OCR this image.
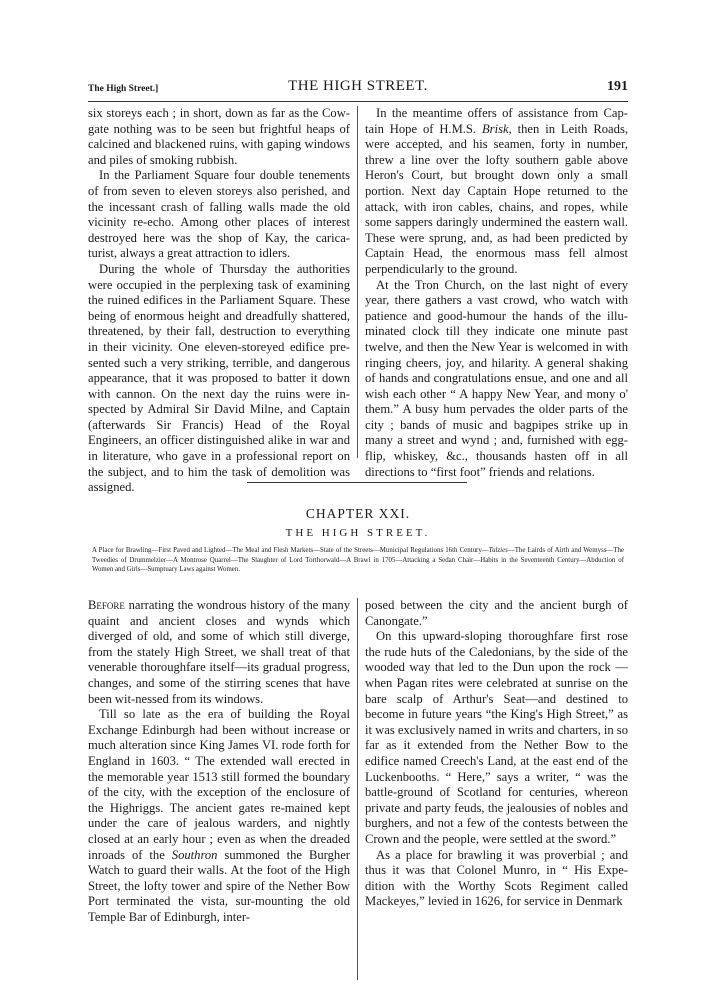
The High Street.]	THE HIGH STREET.	191

six storeys each ; in short, down as far as the Cow-gate nothing was to be seen but frightful heaps of calcined and blackened ruins, with gaping windows and piles of smoking rubbish.

In the Parliament Square four double tenements of from seven to eleven storeys also perished, and the incessant crash of falling walls made the old vicinity re-echo. Among other places of interest destroyed here was the shop of Kay, the carica-turist, always a great attraction to idlers.

During the whole of Thursday the authorities were occupied in the perplexing task of examining the ruined edifices in the Parliament Square. These being of enormous height and dreadfully shattered, threatened, by their fall, destruction to everything in their vicinity. One eleven-storeyed edifice pre-sented such a very striking, terrible, and dangerous appearance, that it was proposed to batter it down with cannon. On the next day the ruins were in-spected by Admiral Sir David Milne, and Captain (afterwards Sir Francis) Head of the Royal Engineers, an officer distinguished alike in war and in literature, who gave in a professional report on the subject, and to him the task of demolition was assigned.

In the meantime offers of assistance from Cap-tain Hope of H.M.S. Brisk, then in Leith Roads, were accepted, and his seamen, forty in number, threw a line over the lofty southern gable above Heron's Court, but brought down only a small portion. Next day Captain Hope returned to the attack, with iron cables, chains, and ropes, while some sappers daringly undermined the eastern wall. These were sprung, and, as had been predicted by Captain Head, the enormous mass fell almost perpendicularly to the ground.

At the Tron Church, on the last night of every year, there gathers a vast crowd, who watch with patience and good-humour the hands of the illu-minated clock till they indicate one minute past twelve, and then the New Year is welcomed in with ringing cheers, joy, and hilarity. A general shaking of hands and congratulations ensue, and one and all wish each other “ A happy New Year, and mony o' them.” A busy hum pervades the older parts of the city ; bands of music and bagpipes strike up in many a street and wynd ; and, furnished with egg-flip, whiskey, &c., thousands hasten off in all directions to “first foot” friends and relations.

CHAPTER XXI.
THE HIGH STREET.
A Place for Brawling—First Paved and Lighted—The Meal and Flesh Markets—State of the Streets—Municipal Regulations 16th Century—Tulzies—The Lairds of Airth and Wemyss—The Tweedies of Drummelzier—A Montrose Quarrel—The Slaughter of Lord Torthorwald—A Brawl in 1705—Attacking a Sedan Chair—Habits in the Seventeenth Century—Abduction of Women and Girls—Sumptuary Laws against Women.

Before narrating the wondrous history of the many quaint and ancient closes and wynds which diverged of old, and some of which still diverge, from the stately High Street, we shall treat of that venerable thoroughfare itself—its gradual progress, changes, and some of the stirring scenes that have been wit-nessed from its windows.

Till so late as the era of building the Royal Exchange Edinburgh had been without increase or much alteration since King James VI. rode forth for England in 1603. “ The extended wall erected in the memorable year 1513 still formed the boundary of the city, with the exception of the enclosure of the Highriggs. The ancient gates re-mained kept under the care of jealous warders, and nightly closed at an early hour ; even as when the dreaded inroads of the Southron summoned the Burgher Watch to guard their walls. At the foot of the High Street, the lofty tower and spire of the Nether Bow Port terminated the vista, sur-mounting the old Temple Bar of Edinburgh, inter-

posed between the city and the ancient burgh of Canongate.”

On this upward-sloping thoroughfare first rose the rude huts of the Caledonians, by the side of the wooded way that led to the Dun upon the rock —when Pagan rites were celebrated at sunrise on the bare scalp of Arthur's Seat—and destined to become in future years “the King's High Street,” as it was exclusively named in writs and charters, in so far as it extended from the Nether Bow to the edifice named Creech's Land, at the east end of the Luckenbooths. “ Here,” says a writer, “ was the battle-ground of Scotland for centuries, whereon private and party feuds, the jealousies of nobles and burghers, and not a few of the contests between the Crown and the people, were settled at the sword.”

As a place for brawling it was proverbial ; and thus it was that Colonel Munro, in “ His Expe-dition with the Worthy Scots Regiment called Mackeyes,” levied in 1626, for service in Denmark
